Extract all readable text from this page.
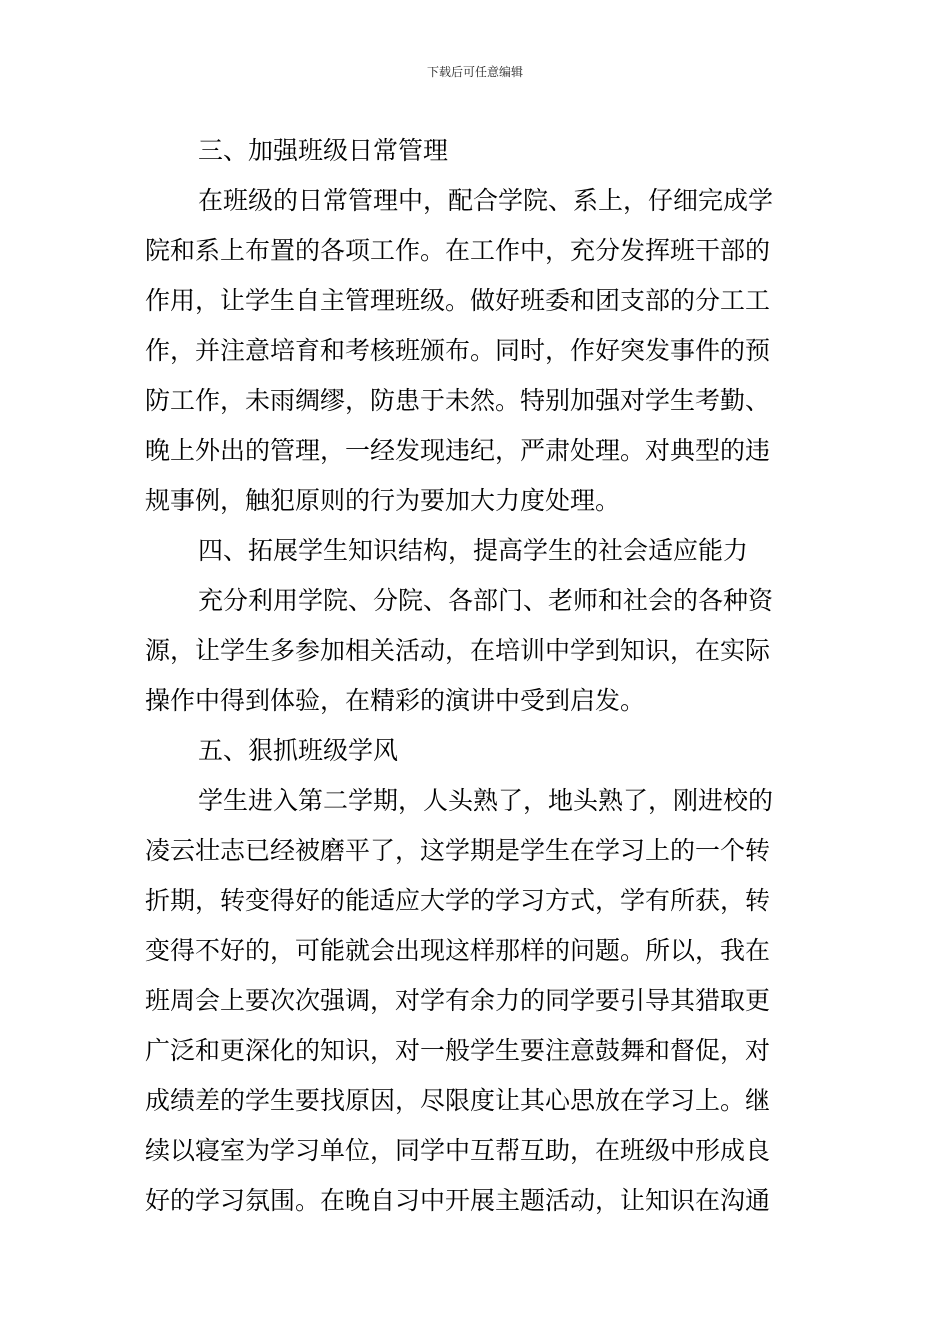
下载后可任意编辑
三、加强班级日常管理
在班级的日常管理中，配合学院、系上，仔细完成学
院和系上布置的各项工作。在工作中，充分发挥班干部的
作用，让学生自主管理班级。做好班委和团支部的分工工
作，并注意培育和考核班颁布。同时，作好突发事件的预
防工作，未雨绸缪，防患于未然。特别加强对学生考勤、
晚上外出的管理，一经发现违纪，严肃处理。对典型的违
规事例，触犯原则的行为要加大力度处理。
四、拓展学生知识结构，提高学生的社会适应能力
充分利用学院、分院、各部门、老师和社会的各种资
源，让学生多参加相关活动，在培训中学到知识，在实际
操作中得到体验，在精彩的演讲中受到启发。
五、狠抓班级学风
学生进入第二学期，人头熟了，地头熟了，刚进校的
凌云壮志已经被磨平了，这学期是学生在学习上的一个转
折期，转变得好的能适应大学的学习方式，学有所获，转
变得不好的，可能就会出现这样那样的问题。所以，我在
班周会上要次次强调，对学有余力的同学要引导其猎取更
广泛和更深化的知识，对一般学生要注意鼓舞和督促，对
成绩差的学生要找原因，尽限度让其心思放在学习上。继
续以寝室为学习单位，同学中互帮互助，在班级中形成良
好的学习氛围。在晚自习中开展主题活动，让知识在沟通
